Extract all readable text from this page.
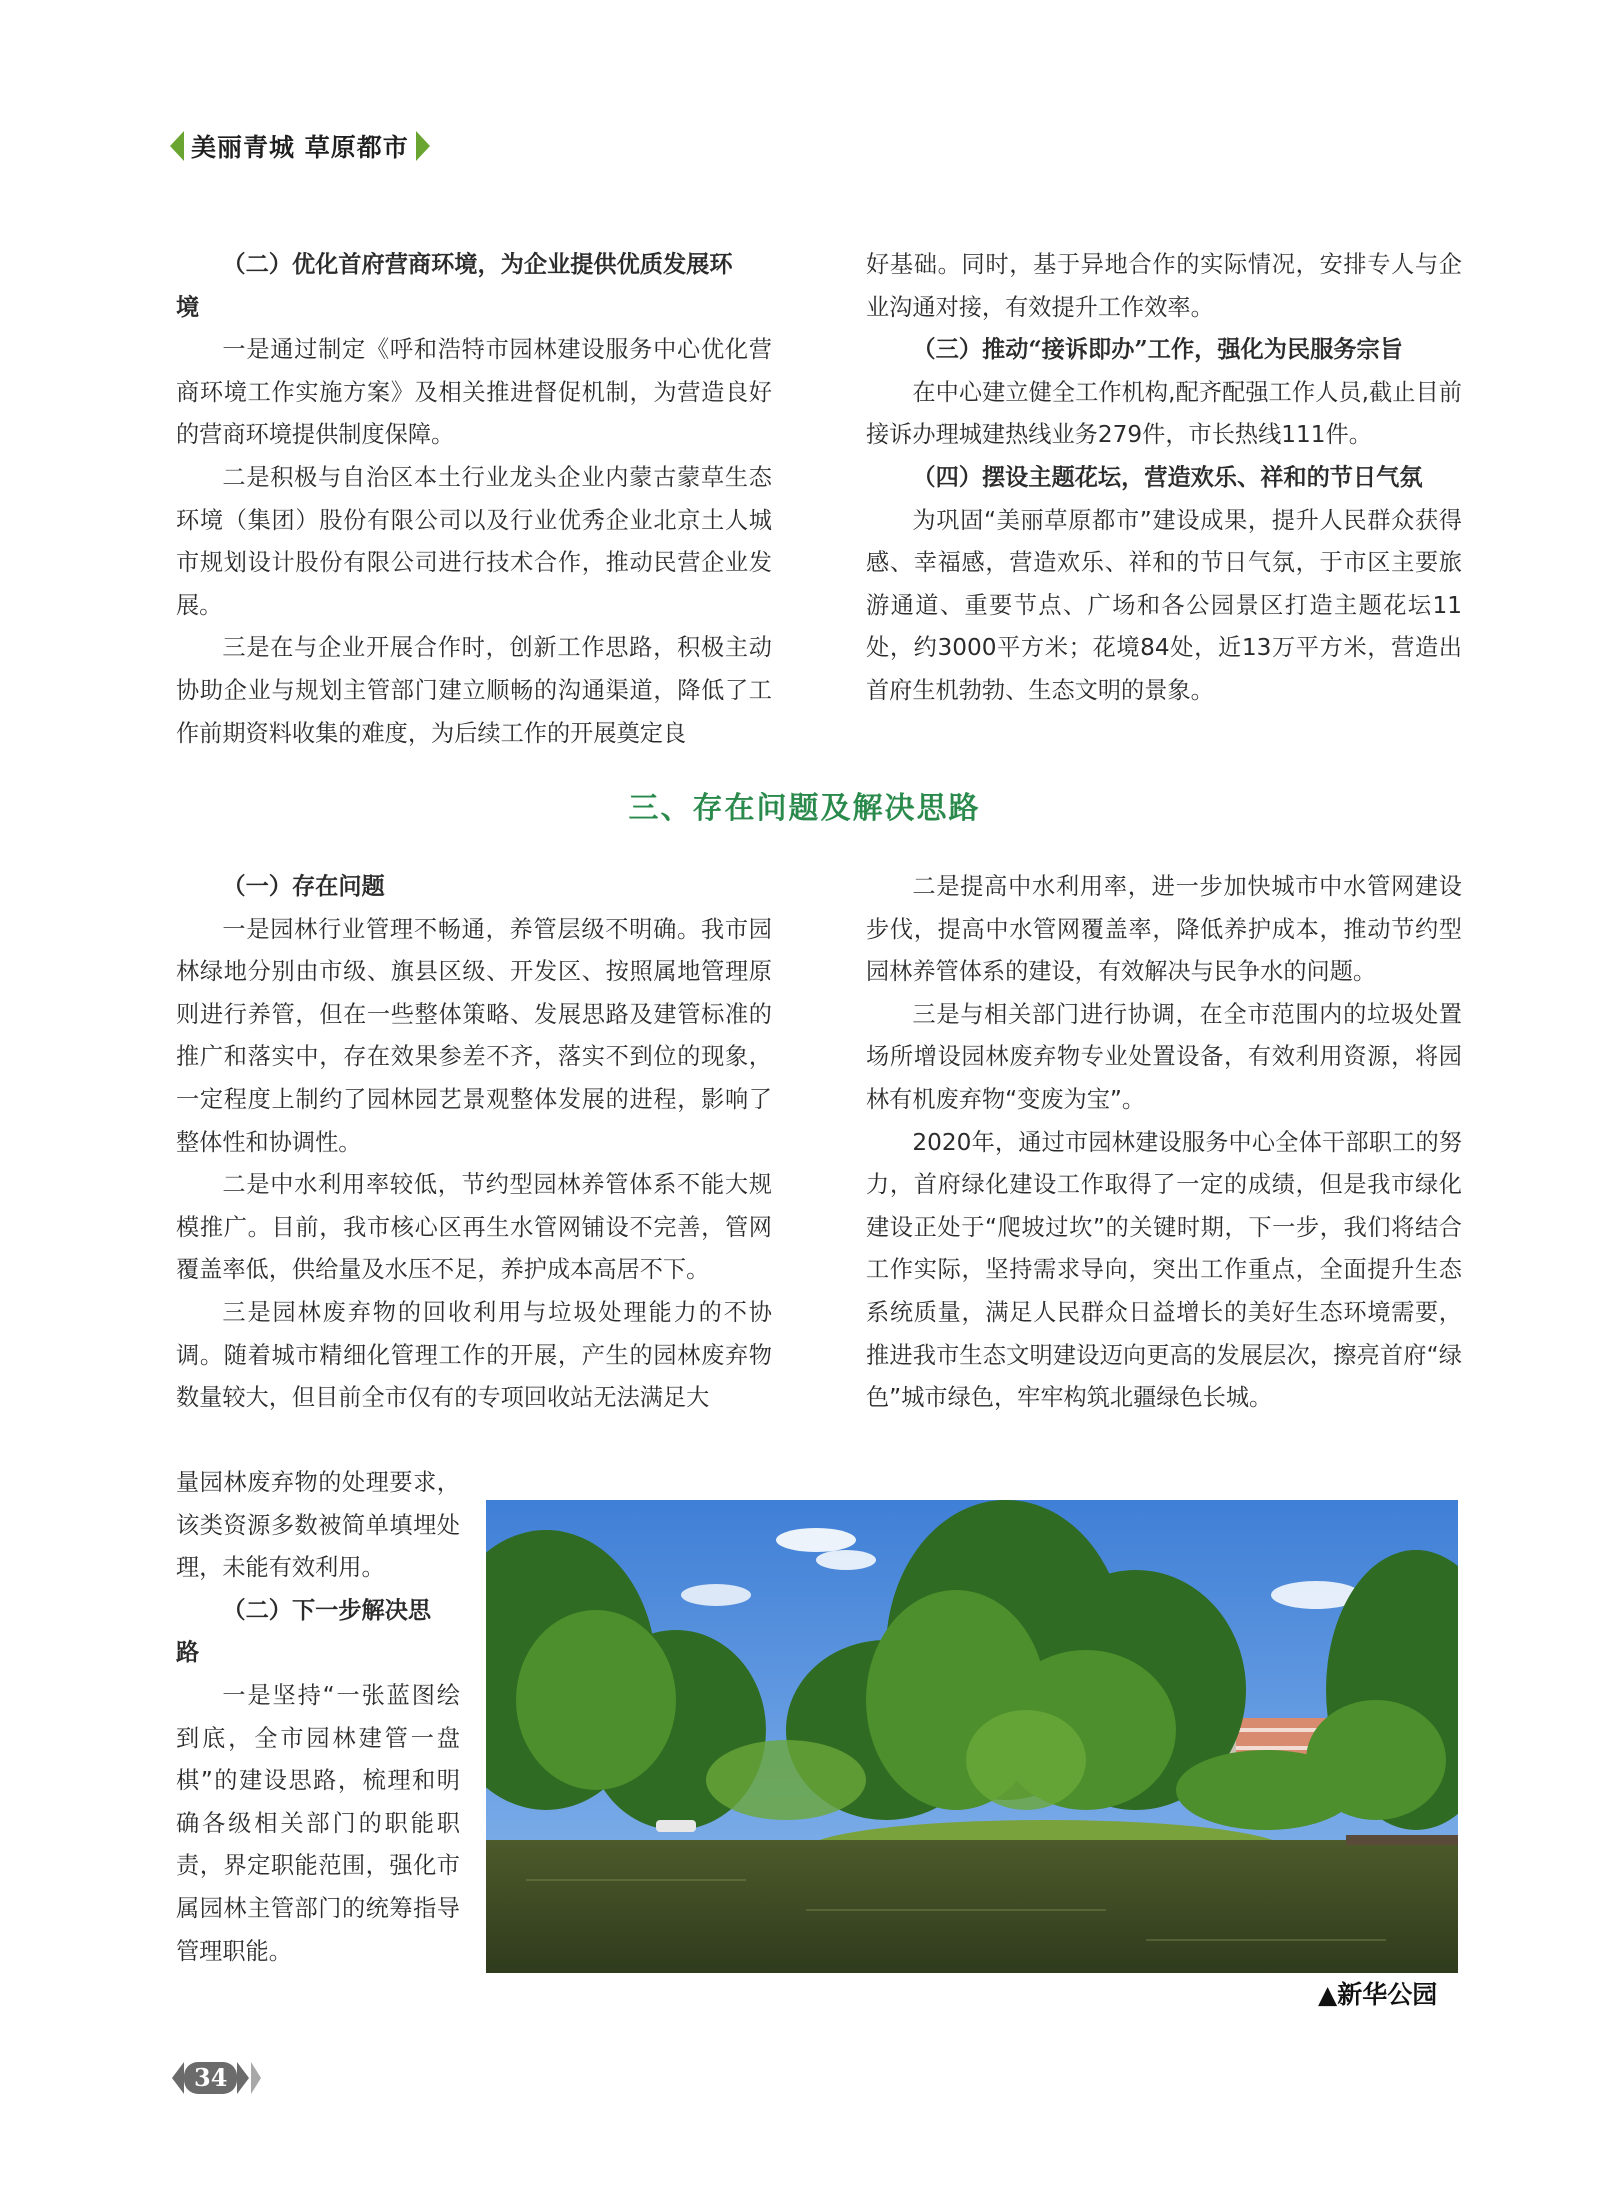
美丽青城 草原都市
（二）优化首府营商环境，为企业提供优质发展环
境

一是通过制定《呼和浩特市园林建设服务中心优化营商环境工作实施方案》及相关推进督促机制，为营造良好的营商环境提供制度保障。

二是积极与自治区本土行业龙头企业内蒙古蒙草生态环境（集团）股份有限公司以及行业优秀企业北京土人城市规划设计股份有限公司进行技术合作，推动民营企业发展。

三是在与企业开展合作时，创新工作思路，积极主动协助企业与规划主管部门建立顺畅的沟通渠道，降低了工作前期资料收集的难度，为后续工作的开展奠定良

好基础。同时，基于异地合作的实际情况，安排专人与企业沟通对接，有效提升工作效率。

（三）推动“接诉即办”工作，强化为民服务宗旨

在中心建立健全工作机构,配齐配强工作人员,截止目前接诉办理城建热线业务279件，市长热线111件。

（四）摆设主题花坛，营造欢乐、祥和的节日气氛

为巩固“美丽草原都市”建设成果，提升人民群众获得感、幸福感，营造欢乐、祥和的节日气氛，于市区主要旅游通道、重要节点、广场和各公园景区打造主题花坛11处，约3000平方米；花境84处，近13万平方米，营造出首府生机勃勃、生态文明的景象。

三、存在问题及解决思路
（一）存在问题

一是园林行业管理不畅通，养管层级不明确。我市园林绿地分别由市级、旗县区级、开发区、按照属地管理原则进行养管，但在一些整体策略、发展思路及建管标准的推广和落实中，存在效果参差不齐，落实不到位的现象，一定程度上制约了园林园艺景观整体发展的进程，影响了整体性和协调性。

二是中水利用率较低，节约型园林养管体系不能大规模推广。目前，我市核心区再生水管网铺设不完善，管网覆盖率低，供给量及水压不足，养护成本高居不下。

三是园林废弃物的回收利用与垃圾处理能力的不协调。随着城市精细化管理工作的开展，产生的园林废弃物数量较大，但目前全市仅有的专项回收站无法满足大

量园林废弃物的处理要求，该类资源多数被简单填埋处理，未能有效利用。

（二）下一步解决思
路

一是坚持“一张蓝图绘到底，全市园林建管一盘棋”的建设思路，梳理和明确各级相关部门的职能职责，界定职能范围，强化市属园林主管部门的统筹指导管理职能。

二是提高中水利用率，进一步加快城市中水管网建设步伐，提高中水管网覆盖率，降低养护成本，推动节约型园林养管体系的建设，有效解决与民争水的问题。

三是与相关部门进行协调，在全市范围内的垃圾处置场所增设园林废弃物专业处置设备，有效利用资源，将园林有机废弃物“变废为宝”。

2020年，通过市园林建设服务中心全体干部职工的努力，首府绿化建设工作取得了一定的成绩，但是我市绿化建设正处于“爬坡过坎”的关键时期，下一步，我们将结合工作实际，坚持需求导向，突出工作重点，全面提升生态系统质量，满足人民群众日益增长的美好生态环境需要，推进我市生态文明建设迈向更高的发展层次，擦亮首府“绿色”城市绿色，牢牢构筑北疆绿色长城。

▲新华公园
34
